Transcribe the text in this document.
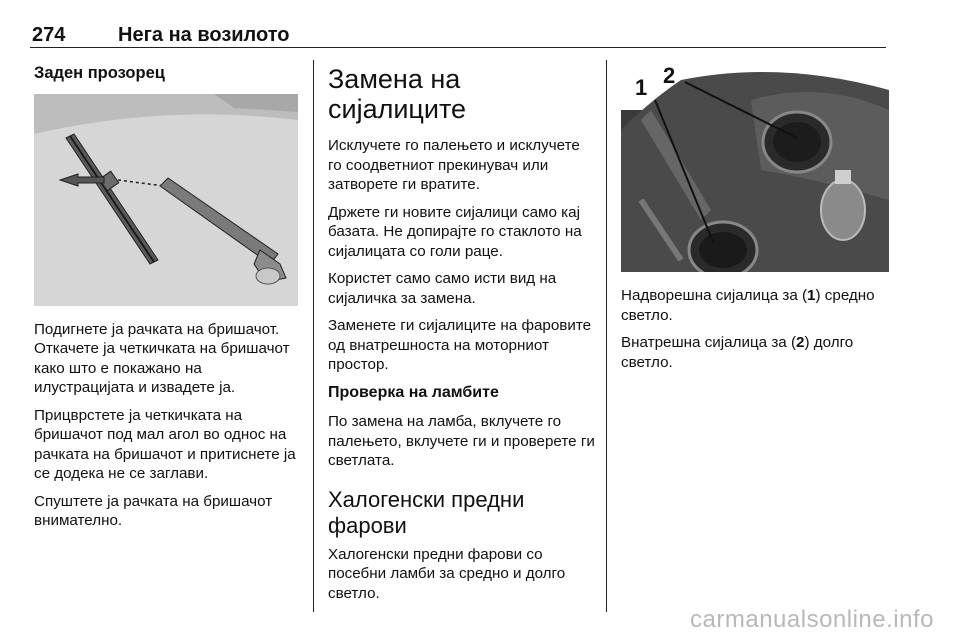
274	Нега на возилото
Заден прозорец

Подигнете ја рачката на бришачот. Откачете ја четкичката на бришачот како што е покажано на илустрацијата и извадете ја.

Прицврстете ја четкичката на бришачот под мал агол во однос на рачката на бришачот и притиснете ја се додека не се заглави.

Спуштете ја рачката на бришачот внимателно.

Замена на сијалиците

Исклучете го палењето и исклучете го соодветниот прекинувач или затворете ги вратите.

Држете ги новите сијалици само кај базата. Не допирајте го стаклото на сијалицата со голи раце.

Користет само само исти вид на сијаличка за замена.

Заменете ги сијалиците на фаровите од внатрешноста на моторниот простор.

Проверка на ламбите

По замена на ламба, вклучете го палењето, вклучете ги и проверете ги светлата.

Халогенски предни фарови

Халогенски предни фарови со посебни ламби за средно и долго светло.

1 2

Надворешна сијалица за (1) средно светло.

Внатрешна сијалица за (2) долго светло.

carmanualsonline.info
